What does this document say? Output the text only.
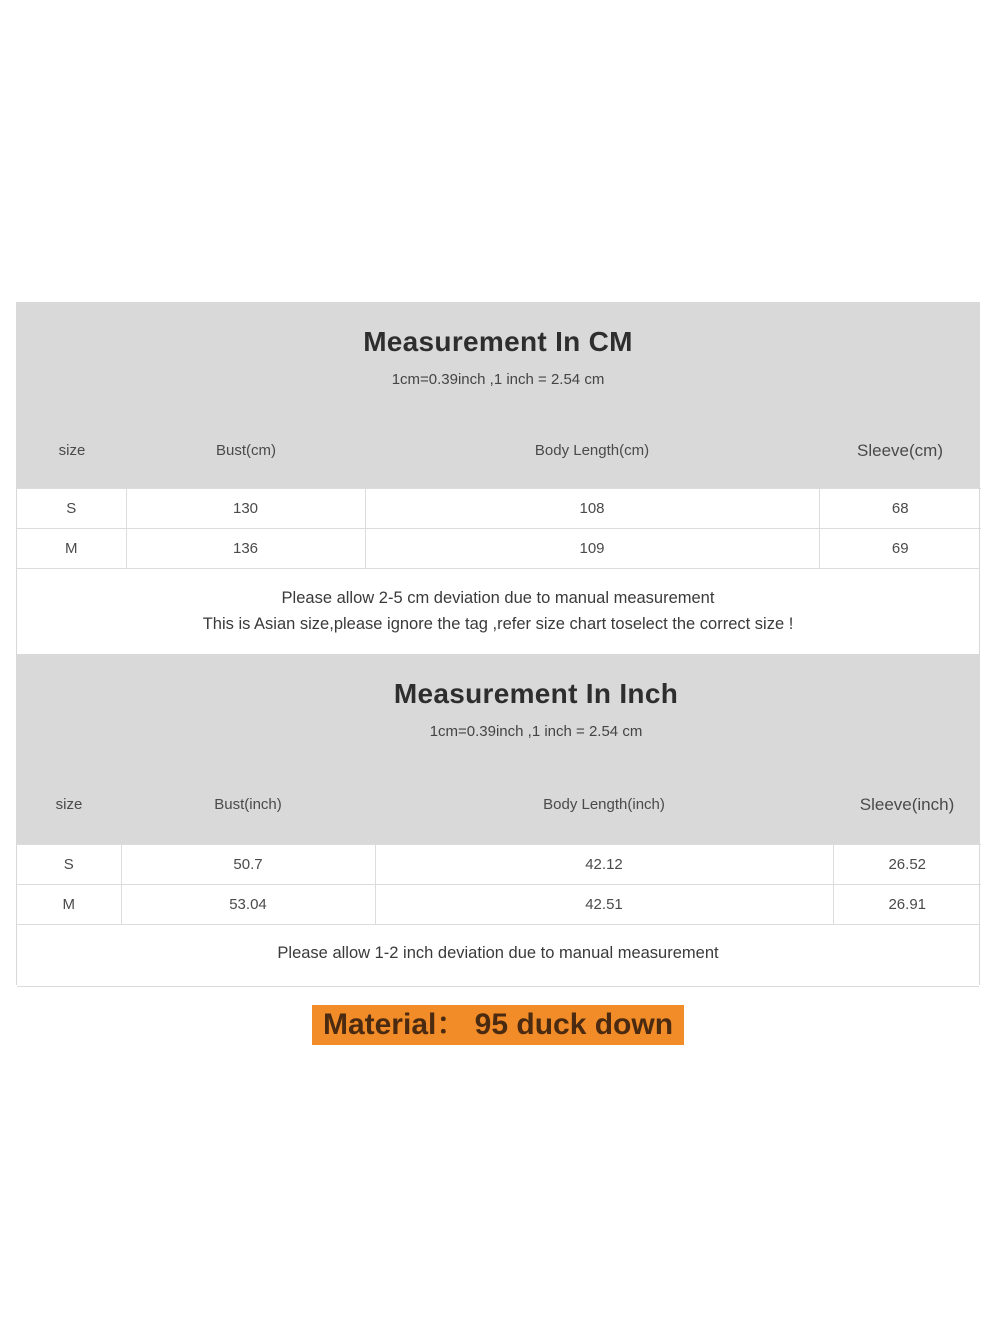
Measurement In CM
1cm=0.39inch ,1 inch = 2.54 cm
size	Bust(cm)	Body Length(cm)	Sleeve(cm)
S	130	108	68
M	136	109	69
Please allow 2-5 cm deviation due to manual measurement
This is Asian size,please ignore the tag ,refer size chart toselect the correct size !
Measurement In Inch
1cm=0.39inch ,1 inch = 2.54 cm
size	Bust(inch)	Body Length(inch)	Sleeve(inch)
S	50.7	42.12	26.52
M	53.04	42.51	26.91
Please allow 1-2 inch deviation due to manual measurement
Material： 95 duck down
